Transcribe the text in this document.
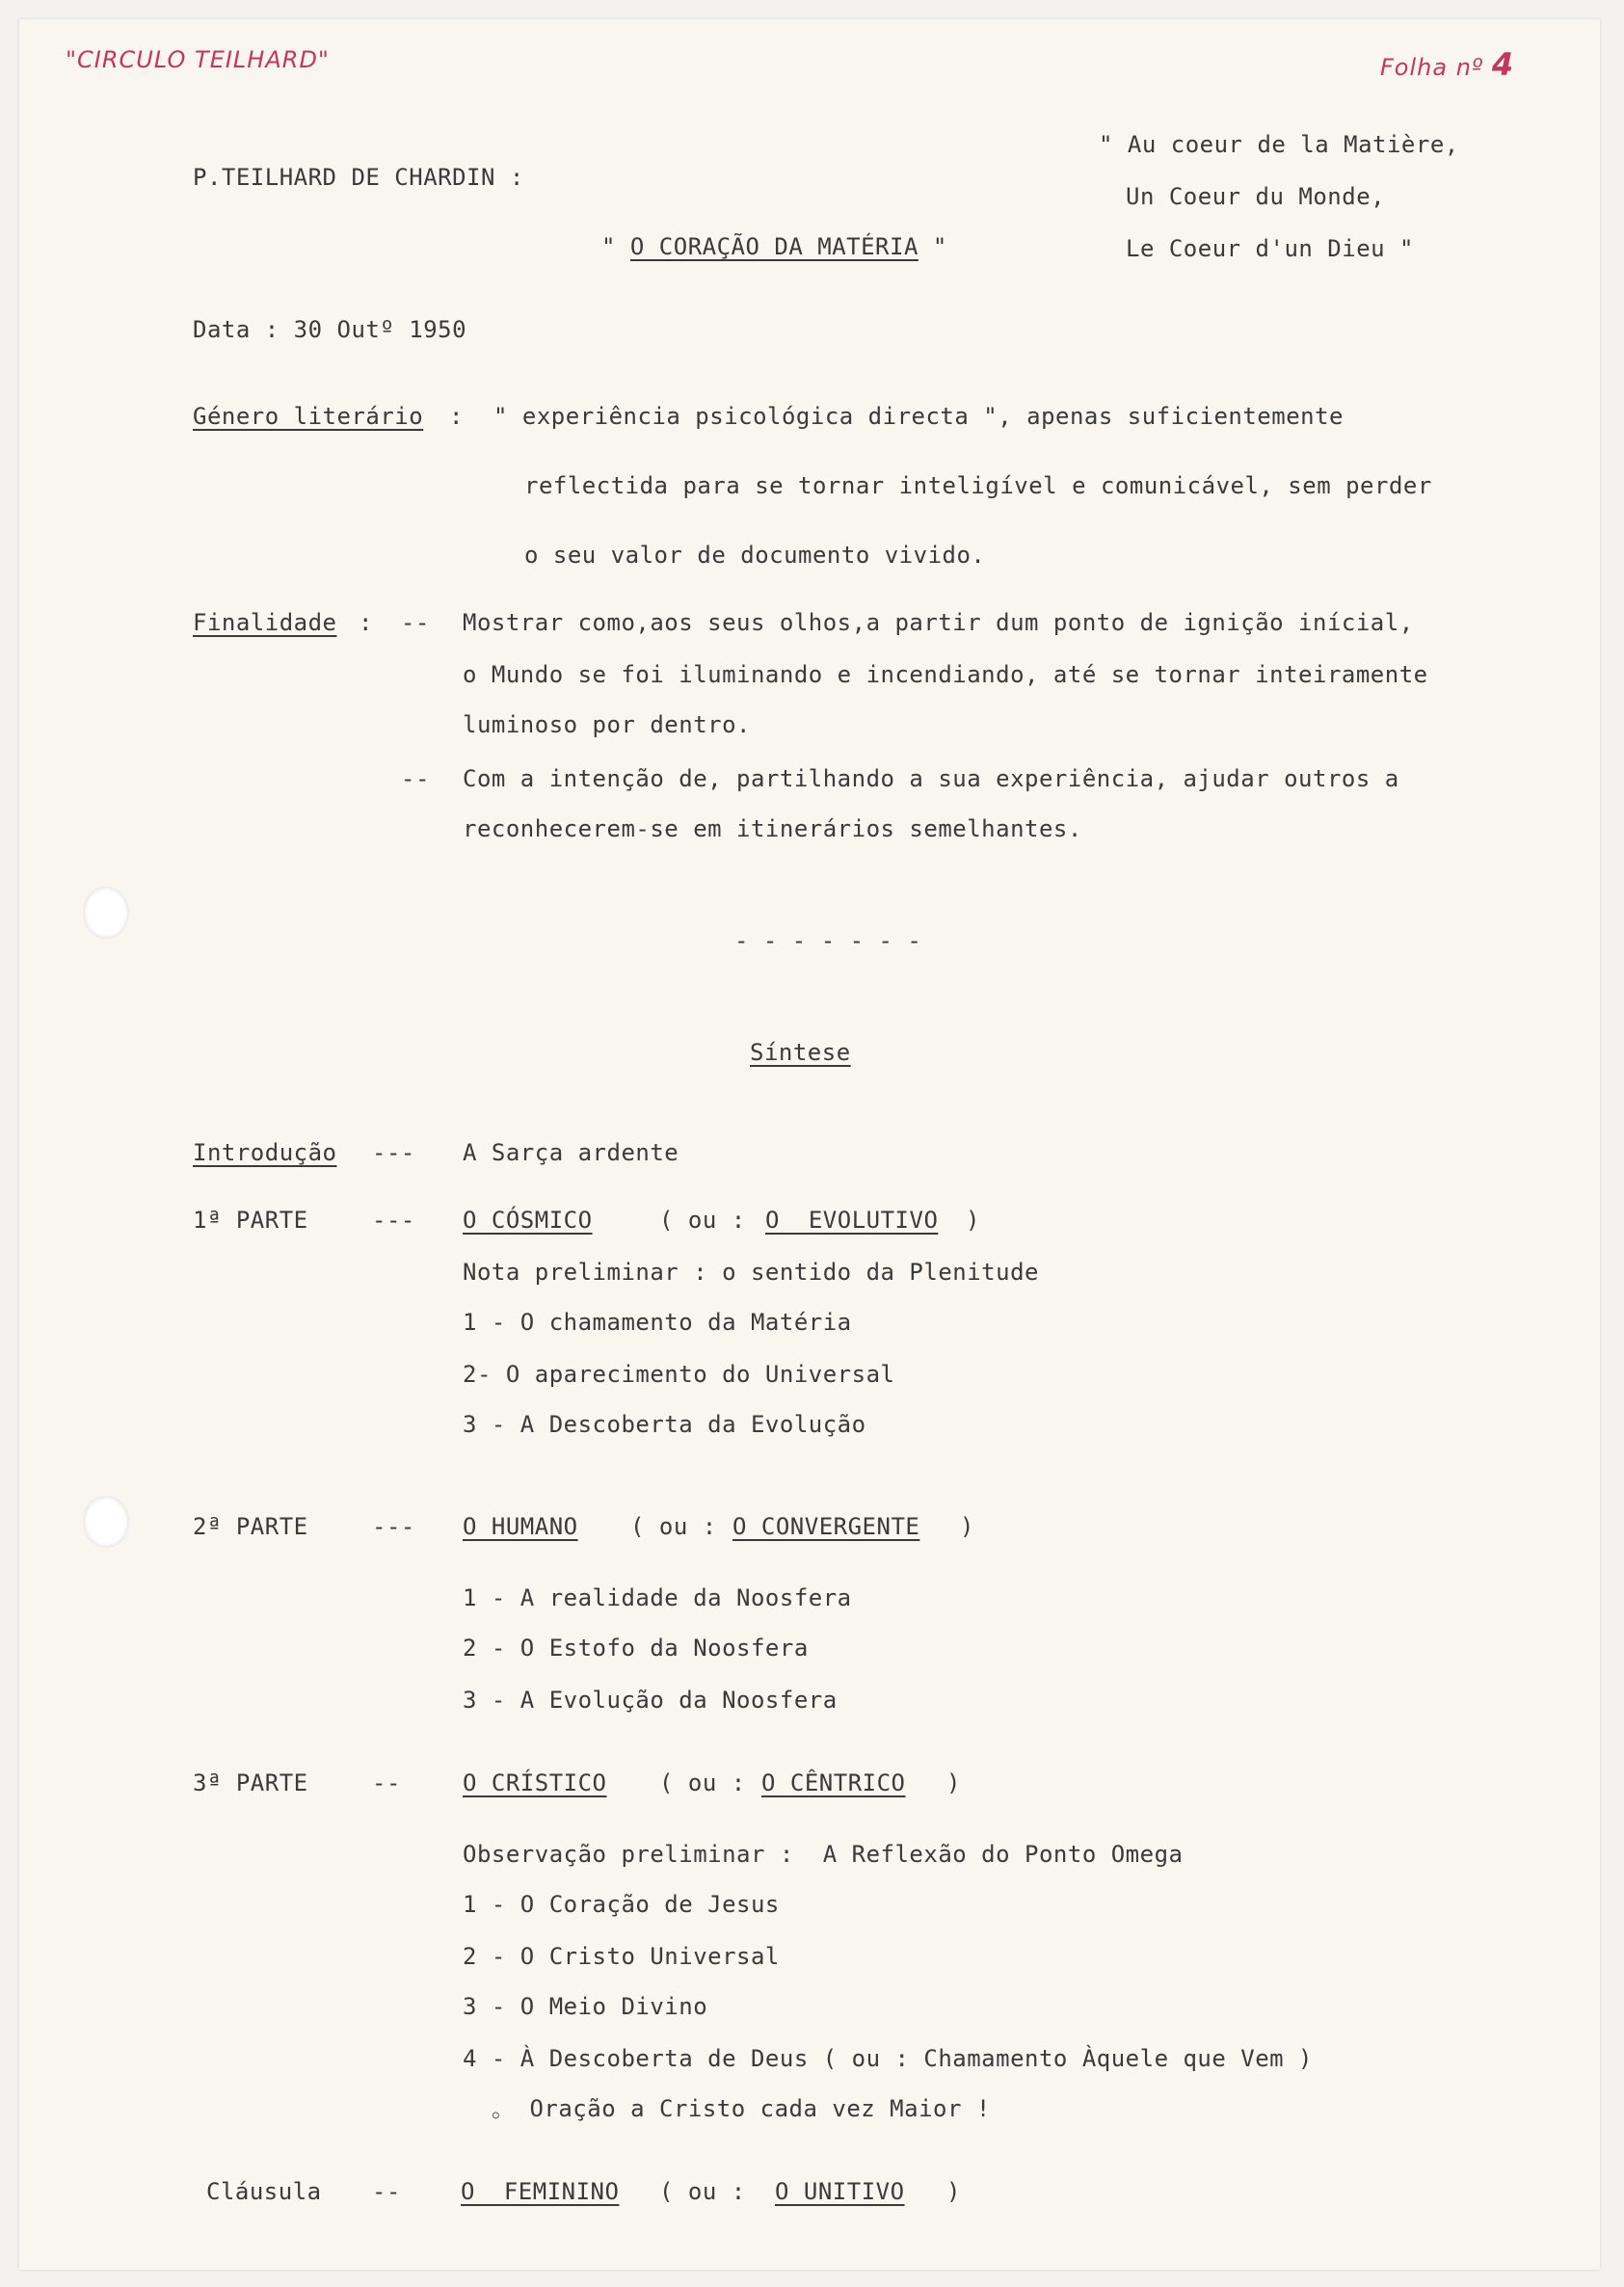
"CIRCULO TEILHARD"	Folha nº 4
P.TEILHARD DE CHARDIN :
" O CORAÇÃO DA MATÉRIA "
" Au coeur de la Matière,
Un Coeur du Monde,
Le Coeur d'un Dieu "
Data : 30 Outº 1950
Género literário : " experiência psicológica directa ", apenas suficientemente
reflectida para se tornar inteligível e comunicável, sem perder
o seu valor de documento vivido.
Finalidade : -- Mostrar como,aos seus olhos,a partir dum ponto de ignição inícial,
o Mundo se foi iluminando e incendiando, até se tornar inteiramente
luminoso por dentro.
-- Com a intenção de, partilhando a sua experiência, ajudar outros a
reconhecerem-se em itinerários semelhantes.
- - - - - - -
Síntese
Introdução --- A Sarça ardente
1ª PARTE	--- O CÓSMICO	( ou : O  EVOLUTIVO )
Nota preliminar : o sentido da Plenitude
1 - O chamamento da Matéria
2- O aparecimento do Universal
3 - A Descoberta da Evolução
2ª PARTE	--- O HUMANO ( ou : O CONVERGENTE )
1 - A realidade da Noosfera
2 - O Estofo da Noosfera
3 - A Evolução da Noosfera
3ª PARTE	--	O CRÍSTICO ( ou : O CÊNTRICO )
Observação preliminar :  A Reflexão do Ponto Omega
1 - O Coração de Jesus
2 - O Cristo Universal
3 - O Meio Divino
4 - À Descoberta de Deus ( ou : Chamamento Àquele que Vem )
。 Oração a Cristo cada vez Maior !
Cláusula --	O  FEMININO ( ou : O UNITIVO )
